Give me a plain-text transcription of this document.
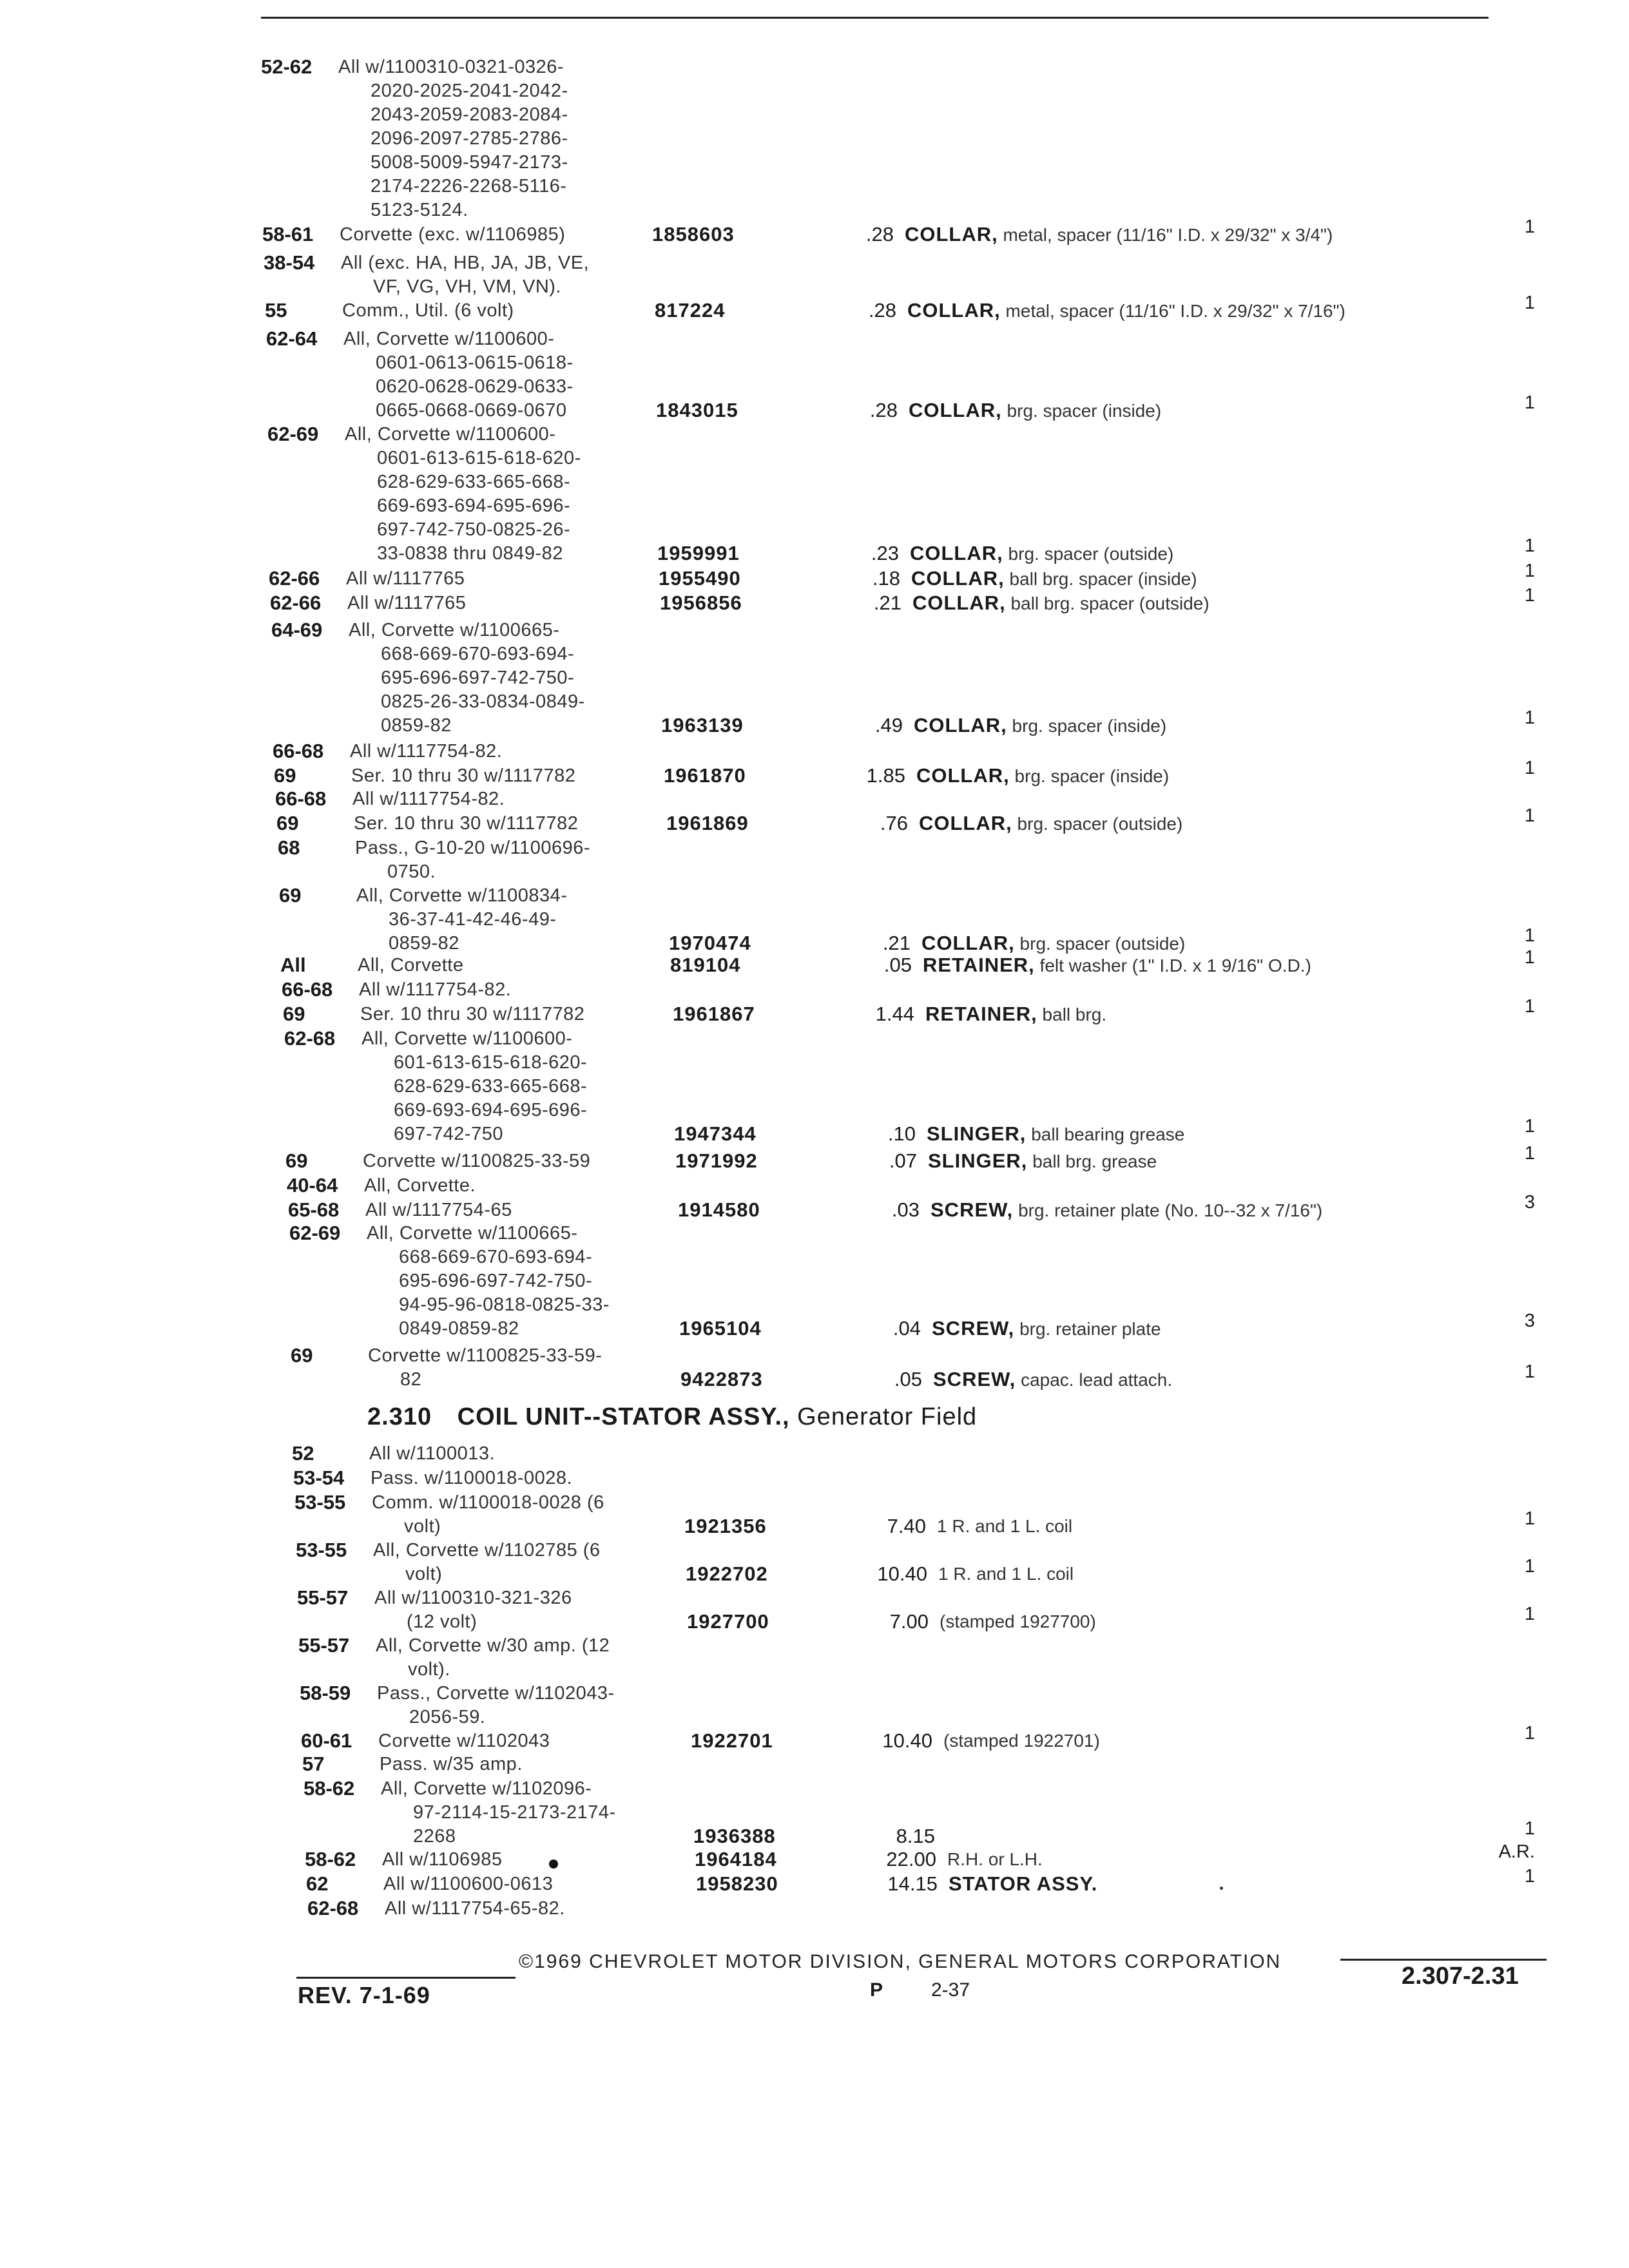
52-62 All w/1100310-0321-0326-
2020-2025-2041-2042-
2043-2059-2083-2084-
2096-2097-2785-2786-
5008-5009-5947-2173-
2174-2226-2268-5116-
5123-5124.
58-61 Corvette (exc. w/1106985)	1858603	.28 COLLAR, metal, spacer (11/16" I.D. x 29/32" x 3/4")	1
38-54 All (exc. HA, HB, JA, JB, VE,
VF, VG, VH, VM, VN).
55	Comm., Util. (6 volt)	817224	.28 COLLAR, metal, spacer (11/16" I.D. x 29/32" x 7/16")	1
62-64 All, Corvette w/1100600-
0601-0613-0615-0618-
0620-0628-0629-0633-
0665-0668-0669-0670	1843015	.28 COLLAR, brg. spacer (inside)	1
62-69 All, Corvette w/1100600-
0601-613-615-618-620-
628-629-633-665-668-
669-693-694-695-696-
697-742-750-0825-26-
33-0838 thru 0849-82	1959991	.23 COLLAR, brg. spacer (outside)	1
62-66 All w/1117765	1955490	.18 COLLAR, ball brg. spacer (inside)	1
62-66 All w/1117765	1956856	.21 COLLAR, ball brg. spacer (outside)	1
64-69 All, Corvette w/1100665-
668-669-670-693-694-
695-696-697-742-750-
0825-26-33-0834-0849-
0859-82	1963139	.49 COLLAR, brg. spacer (inside)	1
66-68 All w/1117754-82.
69	Ser. 10 thru 30 w/1117782	1961870	1.85 COLLAR, brg. spacer (inside)	1
66-68 All w/1117754-82.
69	Ser. 10 thru 30 w/1117782	1961869	.76 COLLAR, brg. spacer (outside)	1
68	Pass., G-10-20 w/1100696-
0750.
69	All, Corvette w/1100834-
36-37-41-42-46-49-
0859-82	1970474	.21 COLLAR, brg. spacer (outside)	1
All	All, Corvette	819104	.05 RETAINER, felt washer (1" I.D. x 1 9/16" O.D.)	1
66-68 All w/1117754-82.
69	Ser. 10 thru 30 w/1117782	1961867	1.44 RETAINER, ball brg.	1
62-68 All, Corvette w/1100600-
601-613-615-618-620-
628-629-633-665-668-
669-693-694-695-696-
697-742-750	1947344	.10 SLINGER, ball bearing grease	1
69	Corvette w/1100825-33-59	1971992	.07 SLINGER, ball brg. grease	1
40-64 All, Corvette.
65-68 All w/1117754-65	1914580	.03 SCREW, brg. retainer plate (No. 10--32 x 7/16")	3
62-69 All, Corvette w/1100665-
668-669-670-693-694-
695-696-697-742-750-
94-95-96-0818-0825-33-
0849-0859-82	1965104	.04 SCREW, brg. retainer plate	3
69	Corvette w/1100825-33-59-
82	9422873	.05 SCREW, capac. lead attach.	1
52	All w/1100013.
53-54 Pass. w/1100018-0028.
53-55 Comm. w/1100018-0028 (6
volt)	1921356	7.40 1 R. and 1 L. coil	1
53-55 All, Corvette w/1102785 (6
volt)	1922702	10.40 1 R. and 1 L. coil	1
55-57 All w/1100310-321-326
(12 volt)	1927700	7.00 (stamped 1927700)	1
55-57 All, Corvette w/30 amp. (12
volt).
58-59 Pass., Corvette w/1102043-
2056-59.
60-61 Corvette w/1102043	1922701	10.40 (stamped 1922701)	1
57	Pass. w/35 amp.
58-62 All, Corvette w/1102096-
97-2114-15-2173-2174-
2268	1936388	8.15	1
58-62 All w/1106985	1964184	22.00 R.H. or L.H.	A.R.
62	All w/1100600-0613	1958230	14.15 STATOR ASSY.	1
62-68 All w/1117754-65-82.
2.310 COIL UNIT--STATOR ASSY., Generator Field
©1969 CHEVROLET MOTOR DIVISION, GENERAL MOTORS CORPORATION
REV. 7-1-69	P 2-37
2.307-2.31
